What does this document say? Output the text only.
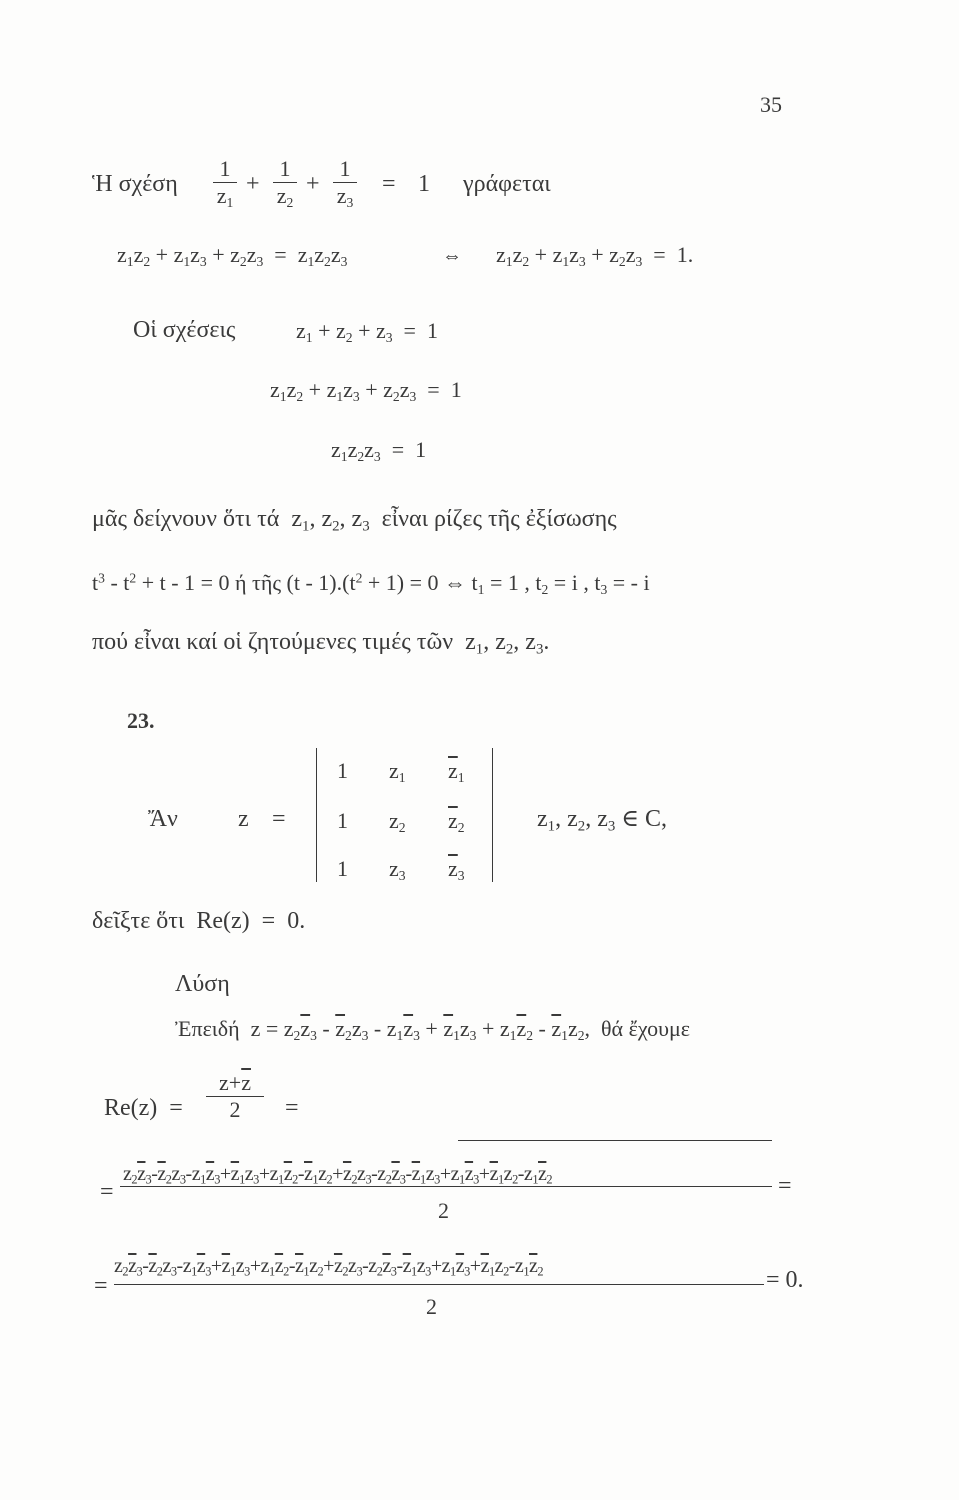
35
Ἡ σχέση
1
$z_1$
+
1
$z_2$
+
1
$z_3$
= 1 γράφεται
$z_1z_2 + z_1z_3 + z_2z_3 = z_1z_2z_3$	⇔ $z_1z_2 + z_1z_3 + z_2z_3 = 1$.
Οἱ σχέσεις	$z_1 + z_2 + z_3 = 1$
$z_1z_2 + z_1z_3 + z_2z_3 = 1$
$z_1z_2z_3 = 1$
μᾶς δείχνουν ὅτι τά  $z_1$, $z_2$, $z_3$ εἶναι ρίζες τῆς ἐξίσωσης
$t^3 - t^2 + t - 1 = 0$ ή τῆς $(t - 1).(t^2 + 1) = 0$ ⇔ $t_1 = 1$ , $t_2 = i$ , $t_3$ = - i
πού εἶναι καί οἱ ζητούμενες τιμές τῶν  $z_1$, $z_2$, $z_3$.
23.
Ἄν	z =
1 $z_1$ $\overline{z}_1$
1 $z_2$ $\overline{z}_2$
1 $z_3$ $\overline{z}_3$
$z_1$, $z_2$, $z_3$ ∈ C,
δεῖξτε ὅτι Re(z)  =  0.
Λύση
Ἐπειδή  $z = z_2\overline{z}_3 - \overline{z}_2z_3 - z_1\overline{z}_3 + \overline{z}_1z_3 + z_1\overline{z}_2 - \overline{z}_1z_2$,  θά ἔχουμε
Re(z)  =
$z+\overline{z}$
2	=
$z_2\overline{z}_3-\overline{z}_2z_3-z_1\overline{z}_3+\overline{z}_1z_3+z_1\overline{z}_2-\overline{z}_1z_2+\overline{z}_2z_3-z_2\overline{z}_3-\overline{z}_1z_3+z_1\overline{z}_3+\overline{z}_1z_2-z_1\overline{z}_2$
=	=
2
$z_2\overline{z}_3-\overline{z}_2z_3-z_1\overline{z}_3+\overline{z}_1z_3+z_1\overline{z}_2-\overline{z}_1z_2+\overline{z}_2z_3-z_2\overline{z}_3-\overline{z}_1z_3+z_1\overline{z}_3+\overline{z}_1z_2-z_1\overline{z}_2$
=	= 0.
2
